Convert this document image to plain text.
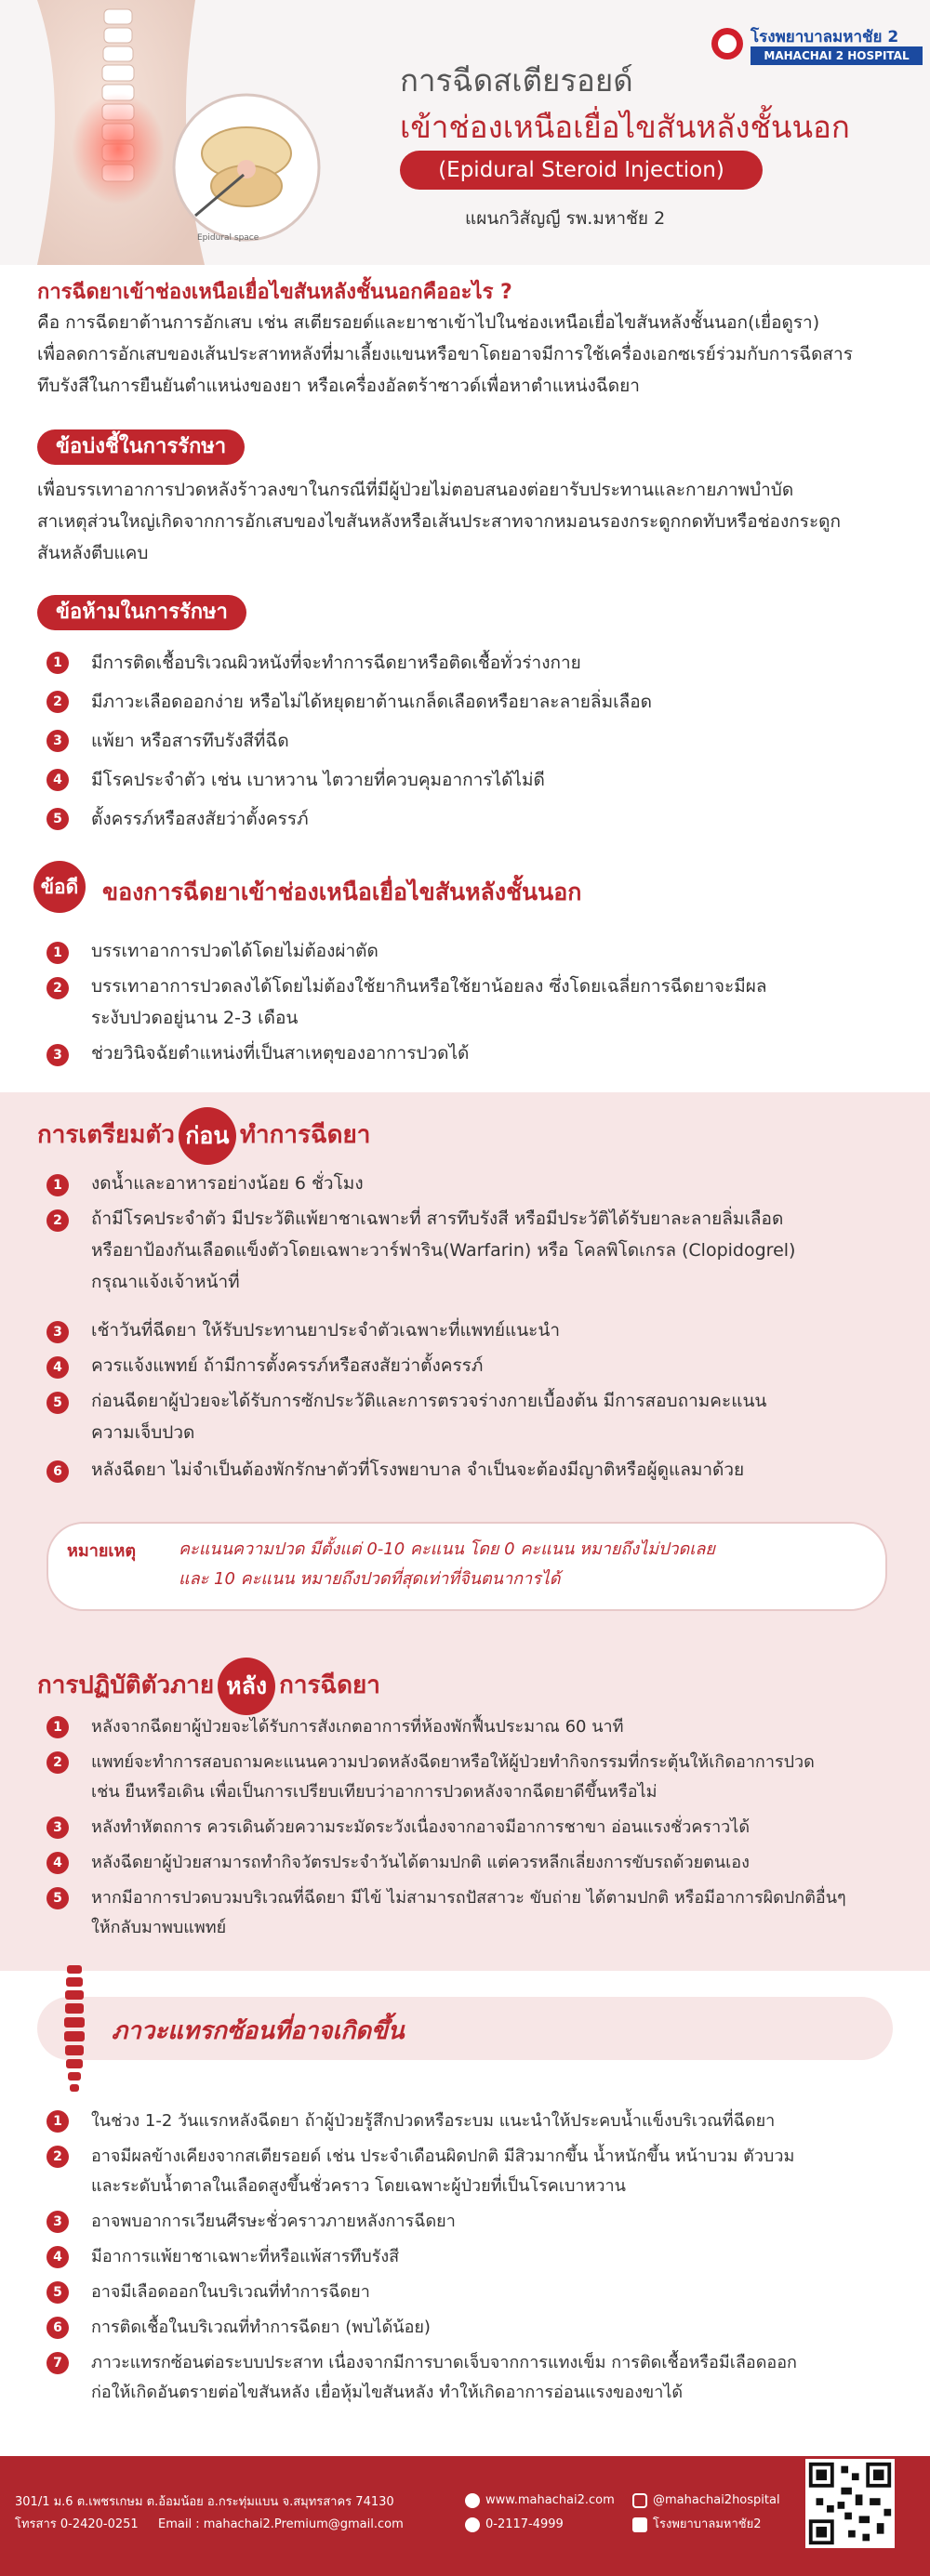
Epidural space
โรงพยาบาลมหาชัย 2
MAHACHAI 2 HOSPITAL
การฉีดสเตียรอยด์
เข้าช่องเหนือเยื่อไขสันหลังชั้นนอก
(Epidural Steroid Injection)
แผนกวิสัญญี รพ.มหาชัย 2
การฉีดยาเข้าช่องเหนือเยื่อไขสันหลังชั้นนอกคืออะไร ?
คือ การฉีดยาต้านการอักเสบ เช่น สเตียรอยด์และยาชาเข้าไปในช่องเหนือเยื่อไขสันหลังชั้นนอก(เยื่อดูรา)
เพื่อลดการอักเสบของเส้นประสาทหลังที่มาเลี้ยงแขนหรือขาโดยอาจมีการใช้เครื่องเอกซเรย์ร่วมกับการฉีดสาร
ทึบรังสีในการยืนยันตำแหน่งของยา หรือเครื่องอัลตร้าซาวด์เพื่อหาตำแหน่งฉีดยา
ข้อบ่งชี้ในการรักษา
เพื่อบรรเทาอาการปวดหลังร้าวลงขาในกรณีที่มีผู้ป่วยไม่ตอบสนองต่อยารับประทานและกายภาพบำบัด
สาเหตุส่วนใหญ่เกิดจากการอักเสบของไขสันหลังหรือเส้นประสาทจากหมอนรองกระดูกกดทับหรือช่องกระดูก
สันหลังตีบแคบ
ข้อห้ามในการรักษา
1	มีการติดเชื้อบริเวณผิวหนังที่จะทำการฉีดยาหรือติดเชื้อทั่วร่างกาย
2	มีภาวะเลือดออกง่าย หรือไม่ได้หยุดยาต้านเกล็ดเลือดหรือยาละลายลิ่มเลือด
3	แพ้ยา หรือสารทึบรังสีที่ฉีด
4	มีโรคประจำตัว เช่น เบาหวาน ไตวายที่ควบคุมอาการได้ไม่ดี
5	ตั้งครรภ์หรือสงสัยว่าตั้งครรภ์
ข้อดี	ของการฉีดยาเข้าช่องเหนือเยื่อไขสันหลังชั้นนอก
1	บรรเทาอาการปวดได้โดยไม่ต้องผ่าตัด
2	บรรเทาอาการปวดลงได้โดยไม่ต้องใช้ยากินหรือใช้ยาน้อยลง ซึ่งโดยเฉลี่ยการฉีดยาจะมีผล
ระงับปวดอยู่นาน 2-3 เดือน
3	ช่วยวินิจฉัยตำแหน่งที่เป็นสาเหตุของอาการปวดได้
การเตรียมตัว ก่อน ทำการฉีดยา
1	งดน้ำและอาหารอย่างน้อย 6 ชั่วโมง
2	ถ้ามีโรคประจำตัว มีประวัติแพ้ยาชาเฉพาะที่ สารทึบรังสี หรือมีประวัติได้รับยาละลายลิ่มเลือด
หรือยาป้องกันเลือดแข็งตัวโดยเฉพาะวาร์ฟาริน(Warfarin) หรือ โคลพิโดเกรล (Clopidogrel)
กรุณาแจ้งเจ้าหน้าที่
3	เช้าวันที่ฉีดยา ให้รับประทานยาประจำตัวเฉพาะที่แพทย์แนะนำ
4	ควรแจ้งแพทย์ ถ้ามีการตั้งครรภ์หรือสงสัยว่าตั้งครรภ์
5	ก่อนฉีดยาผู้ป่วยจะได้รับการซักประวัติและการตรวจร่างกายเบื้องต้น มีการสอบถามคะแนน
ความเจ็บปวด
6	หลังฉีดยา ไม่จำเป็นต้องพักรักษาตัวที่โรงพยาบาล จำเป็นจะต้องมีญาติหรือผู้ดูแลมาด้วย
หมายเหตุ	คะแนนความปวด มีตั้งแต่ 0-10 คะแนน โดย 0 คะแนน หมายถึงไม่ปวดเลย
และ 10 คะแนน หมายถึงปวดที่สุดเท่าที่จินตนาการได้
การปฏิบัติตัวภาย หลัง การฉีดยา
1	หลังจากฉีดยาผู้ป่วยจะได้รับการสังเกตอาการที่ห้องพักฟื้นประมาณ 60 นาที
2	แพทย์จะทำการสอบถามคะแนนความปวดหลังฉีดยาหรือให้ผู้ป่วยทำกิจกรรมที่กระตุ้นให้เกิดอาการปวด
เช่น ยืนหรือเดิน เพื่อเป็นการเปรียบเทียบว่าอาการปวดหลังจากฉีดยาดีขึ้นหรือไม่
3	หลังทำหัตถการ ควรเดินด้วยความระมัดระวังเนื่องจากอาจมีอาการชาขา อ่อนแรงชั่วคราวได้
4	หลังฉีดยาผู้ป่วยสามารถทำกิจวัตรประจำวันได้ตามปกติ แต่ควรหลีกเลี่ยงการขับรถด้วยตนเอง
5	หากมีอาการปวดบวมบริเวณที่ฉีดยา มีไข้ ไม่สามารถปัสสาวะ ขับถ่าย ได้ตามปกติ หรือมีอาการผิดปกติอื่นๆ
ให้กลับมาพบแพทย์
ภาวะแทรกซ้อนที่อาจเกิดขึ้น
1	ในช่วง 1-2 วันแรกหลังฉีดยา ถ้าผู้ป่วยรู้สึกปวดหรือระบม แนะนำให้ประคบน้ำแข็งบริเวณที่ฉีดยา
2	อาจมีผลข้างเคียงจากสเตียรอยด์ เช่น ประจำเดือนผิดปกติ มีสิวมากขึ้น น้ำหนักขึ้น หน้าบวม ตัวบวม
และระดับน้ำตาลในเลือดสูงขึ้นชั่วคราว โดยเฉพาะผู้ป่วยที่เป็นโรคเบาหวาน
3	อาจพบอาการเวียนศีรษะชั่วคราวภายหลังการฉีดยา
4	มีอาการแพ้ยาชาเฉพาะที่หรือแพ้สารทึบรังสี
5	อาจมีเลือดออกในบริเวณที่ทำการฉีดยา
6	การติดเชื้อในบริเวณที่ทำการฉีดยา (พบได้น้อย)
7	ภาวะแทรกซ้อนต่อระบบประสาท เนื่องจากมีการบาดเจ็บจากการแทงเข็ม การติดเชื้อหรือมีเลือดออก
ก่อให้เกิดอันตรายต่อไขสันหลัง เยื่อหุ้มไขสันหลัง ทำให้เกิดอาการอ่อนแรงของขาได้
301/1 ม.6 ต.เพชรเกษม ต.อ้อมน้อย อ.กระทุ่มแบน จ.สมุทรสาคร 74130
โทรสาร 0-2420-0251 Email : mahachai2.Premium@gmail.com
www.mahachai2.com
0-2117-4999
@mahachai2hospital
โรงพยาบาลมหาชัย2
